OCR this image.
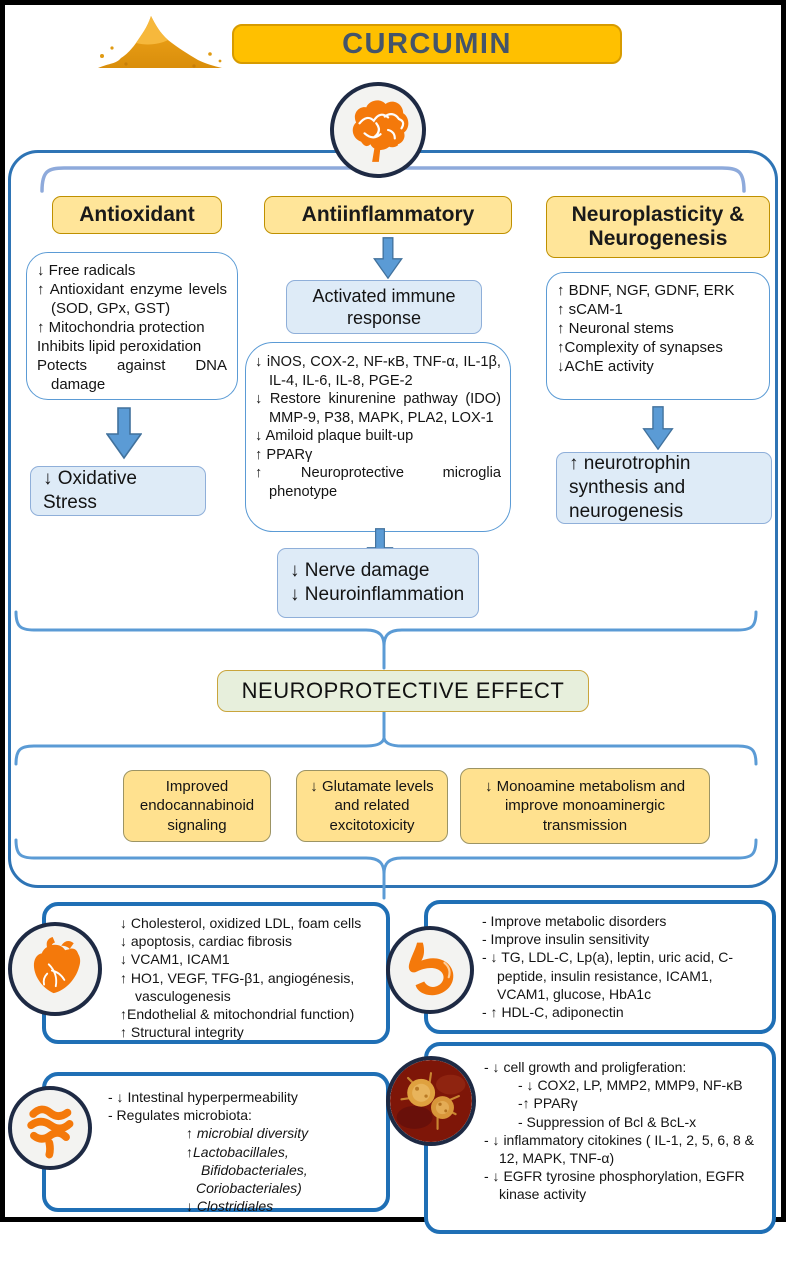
CURCUMIN
Antioxidant	Antiinflammatory	Neuroplasticity & Neurogenesis
↓ Free radicals
↑ Antioxidant enzyme levels (SOD, GPx, GST)
↑ Mitochondria protection
Inhibits lipid peroxidation
Potects against DNA damage
↓ Oxidative Stress
Activated immune response
↓ iNOS, COX-2, NF-κB, TNF-α, IL-1β, IL-4, IL-6, IL-8, PGE-2
↓ Restore kinurenine pathway (IDO) MMP-9, P38, MAPK, PLA2, LOX-1
↓ Amiloid plaque built-up
↑ PPARγ
↑ Neuroprotective microglia phenotype
↓ Nerve damage
↓ Neuroinflammation
↑ BDNF, NGF, GDNF, ERK
↑ sCAM-1
↑ Neuronal stems
↑Complexity of synapses
↓AChE activity
↑ neurotrophin synthesis and neurogenesis
NEUROPROTECTIVE EFFECT
Improved endocannabinoid signaling
↓ Glutamate levels and related excitotoxicity
↓ Monoamine metabolism and improve monoaminergic transmission
↓ Cholesterol, oxidized LDL, foam cells
↓ apoptosis, cardiac fibrosis
↓ VCAM1, ICAM1
↑ HO1, VEGF, TFG-β1, angiogénesis, vasculogenesis
↑Endothelial & mitochondrial function)
↑ Structural integrity
- Improve metabolic disorders
- Improve insulin sensitivity
- ↓ TG, LDL-C, Lp(a), leptin, uric acid, C-peptide, insulin resistance, ICAM1, VCAM1, glucose, HbA1c
- ↑ HDL-C, adiponectin
- ↓ Intestinal hyperpermeability
- Regulates microbiota:
↑ microbial diversity
↑Lactobacillales, Bifidobacteriales,
Coriobacteriales)
↓ Clostridiales
- ↓ cell growth and proligferation:
- ↓ COX2, LP, MMP2, MMP9, NF-κB
-↑ PPARγ
- Suppression of Bcl & BcL-x
- ↓ inflammatory citokines ( IL-1, 2, 5, 6, 8 & 12, MAPK, TNF-α)
- ↓ EGFR tyrosine phosphorylation, EGFR kinase activity
